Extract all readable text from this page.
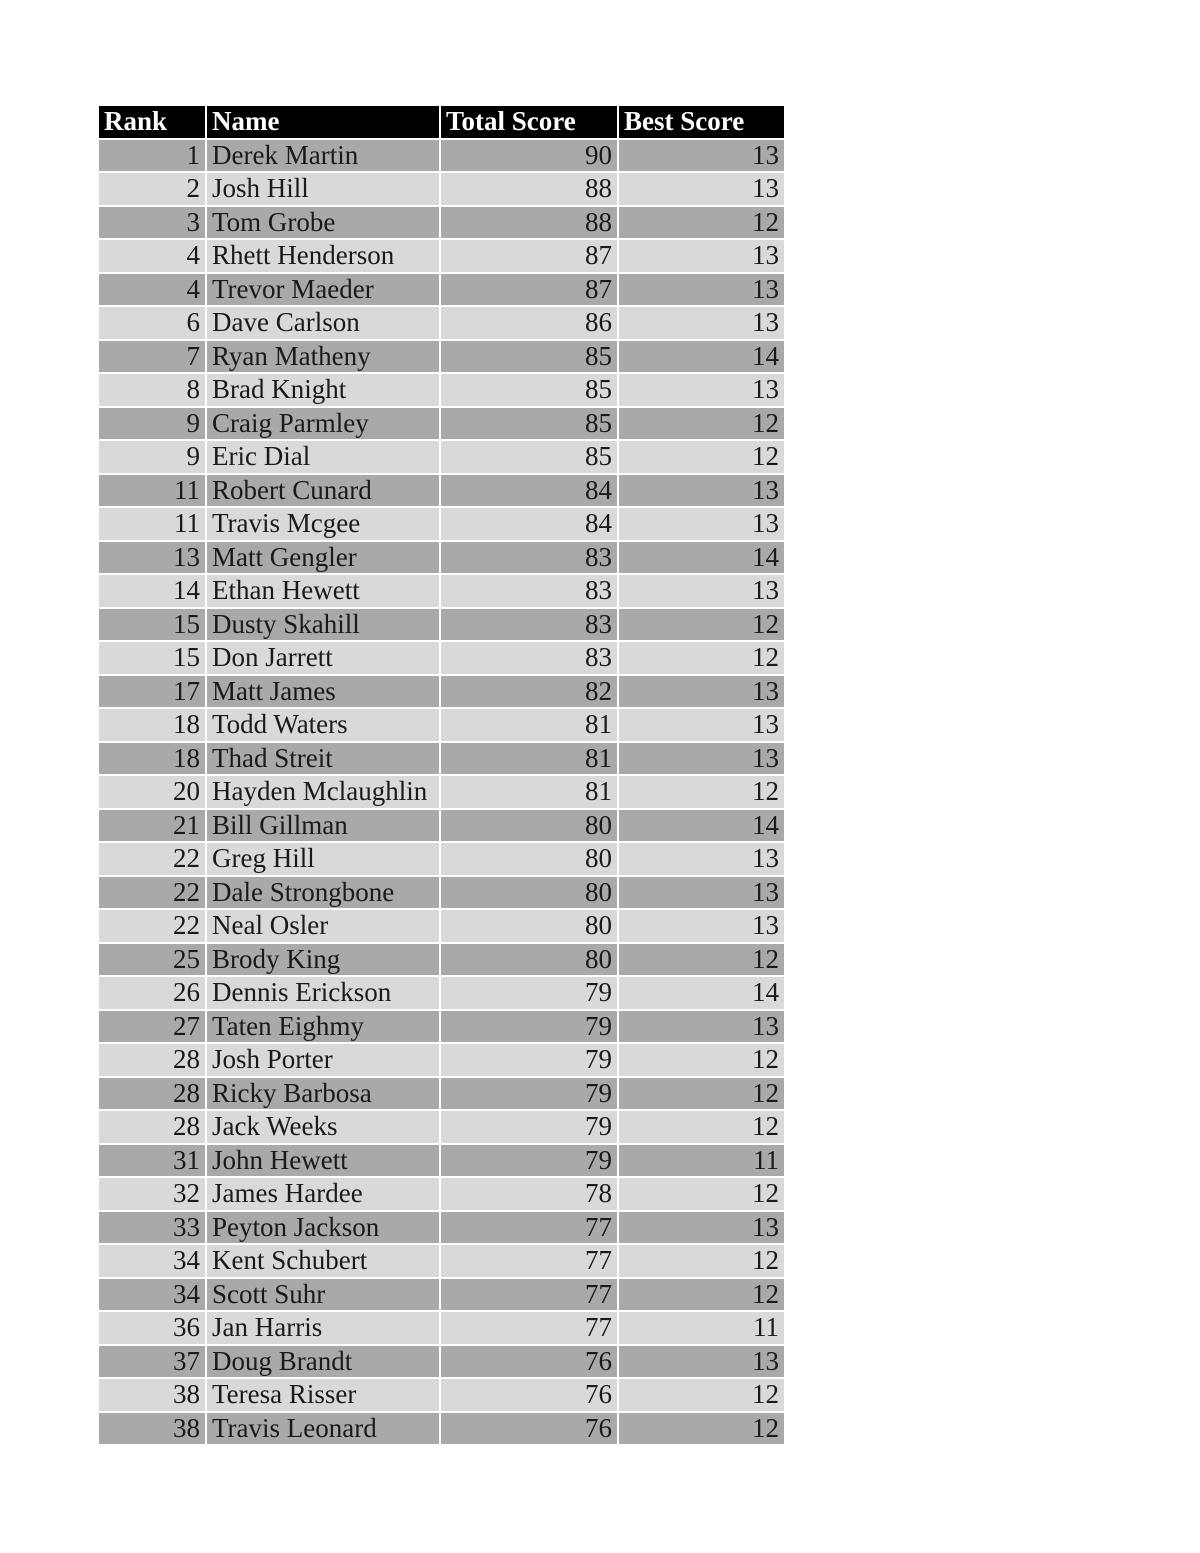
Rank	Name	Total Score	Best Score
1	Derek Martin	90	13
2	Josh Hill	88	13
3	Tom Grobe	88	12
4	Rhett Henderson	87	13
4	Trevor Maeder	87	13
6	Dave Carlson	86	13
7	Ryan Matheny	85	14
8	Brad Knight	85	13
9	Craig Parmley	85	12
9	Eric Dial	85	12
11	Robert Cunard	84	13
11	Travis Mcgee	84	13
13	Matt Gengler	83	14
14	Ethan Hewett	83	13
15	Dusty Skahill	83	12
15	Don Jarrett	83	12
17	Matt James	82	13
18	Todd Waters	81	13
18	Thad Streit	81	13
20	Hayden Mclaughlin	81	12
21	Bill Gillman	80	14
22	Greg Hill	80	13
22	Dale Strongbone	80	13
22	Neal Osler	80	13
25	Brody King	80	12
26	Dennis Erickson	79	14
27	Taten Eighmy	79	13
28	Josh Porter	79	12
28	Ricky Barbosa	79	12
28	Jack Weeks	79	12
31	John Hewett	79	11
32	James Hardee	78	12
33	Peyton Jackson	77	13
34	Kent Schubert	77	12
34	Scott Suhr	77	12
36	Jan Harris	77	11
37	Doug Brandt	76	13
38	Teresa Risser	76	12
38	Travis Leonard	76	12
